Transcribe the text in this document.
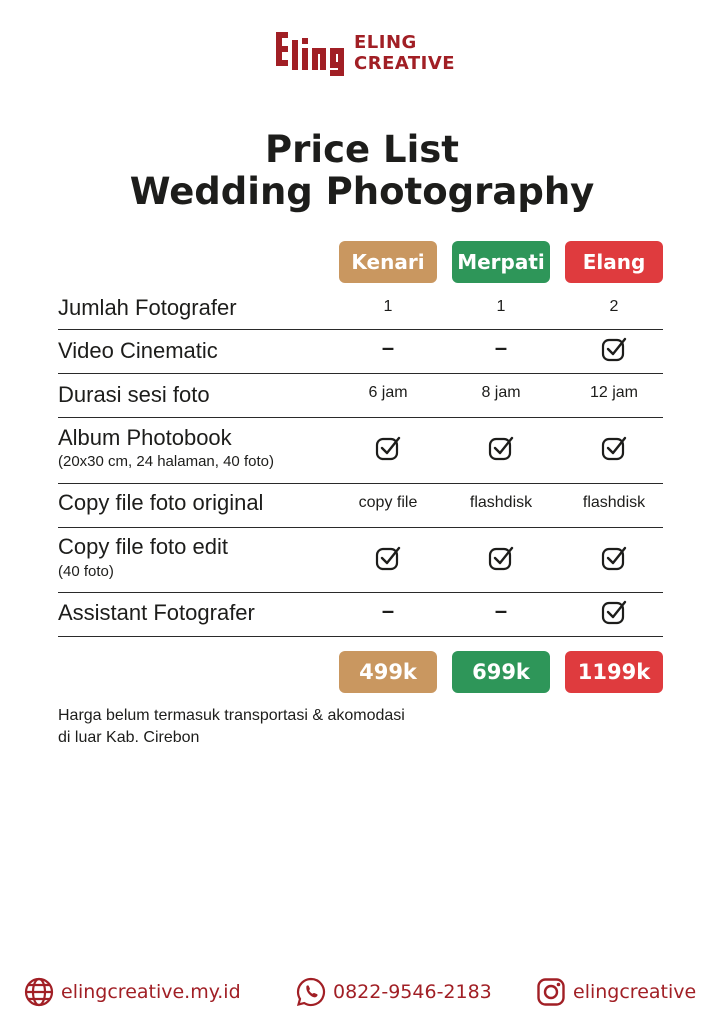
ELING
CREATIVE
Price List
Wedding Photography
Kenari	Merpati	Elang
Jumlah Fotografer	1	1	2
Video Cinematic	–	–
Durasi sesi foto	6 jam	8 jam	12 jam
Album Photobook
(20x30 cm, 24 halaman, 40 foto)
Copy file foto original	copy file	flashdisk	flashdisk
Copy file foto edit
(40 foto)
Assistant Fotografer	–	–
499k	699k	1199k
Harga belum termasuk transportasi & akomodasi
di luar Kab. Cirebon
elingcreative.my.id	0822-9546-2183	elingcreative
